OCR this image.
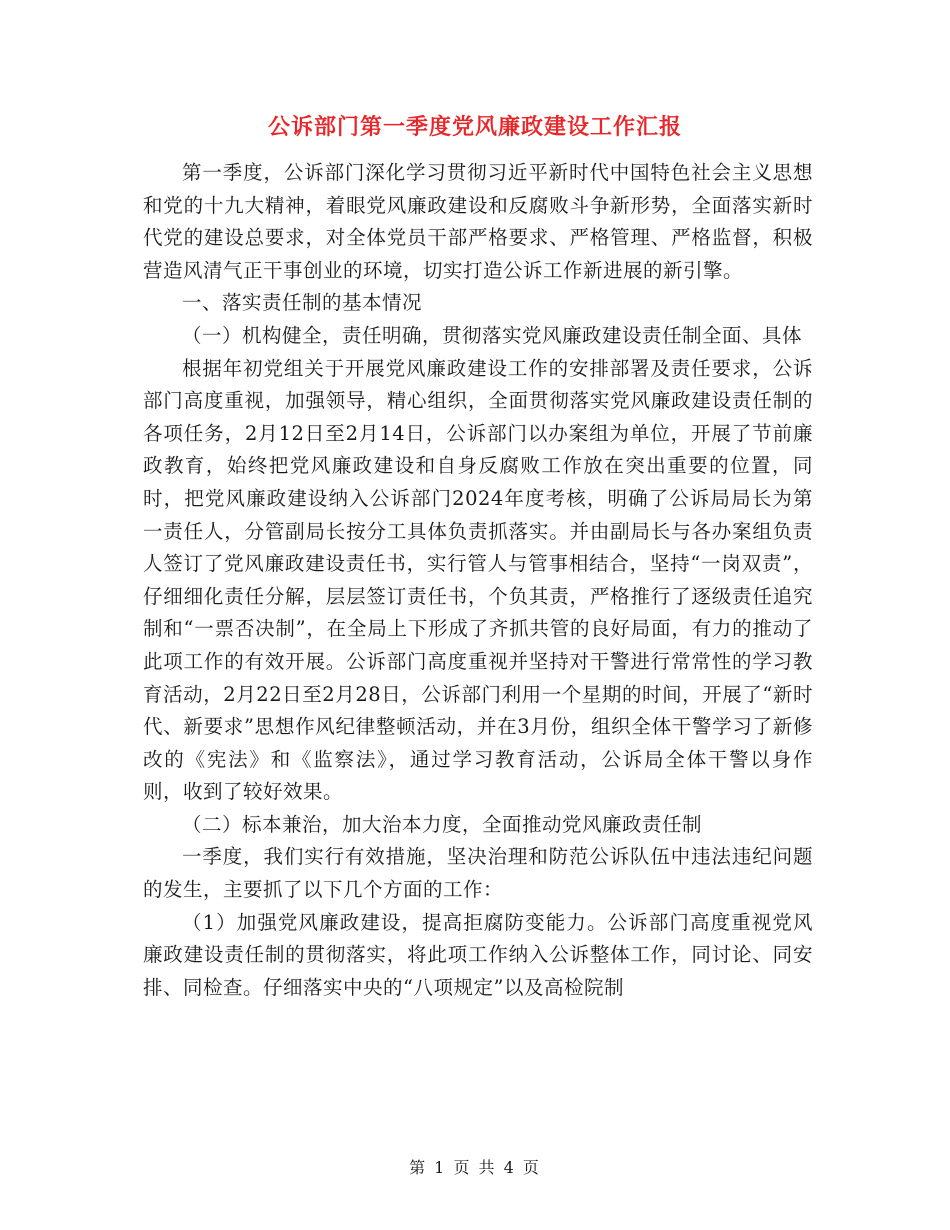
公诉部门第一季度党风廉政建设工作汇报

第一季度，公诉部门深化学习贯彻习近平新时代中国特色社会主义思想和党的十九大精神，着眼党风廉政建设和反腐败斗争新形势，全面落实新时代党的建设总要求，对全体党员干部严格要求、严格管理、严格监督，积极营造风清气正干事创业的环境，切实打造公诉工作新进展的新引擎。

一、落实责任制的基本情况

（一）机构健全，责任明确，贯彻落实党风廉政建设责任制全面、具体

根据年初党组关于开展党风廉政建设工作的安排部署及责任要求，公诉部门高度重视，加强领导，精心组织，全面贯彻落实党风廉政建设责任制的各项任务，2月12日至2月14日，公诉部门以办案组为单位，开展了节前廉政教育，始终把党风廉政建设和自身反腐败工作放在突出重要的位置，同时，把党风廉政建设纳入公诉部门2024年度考核，明确了公诉局局长为第一责任人，分管副局长按分工具体负责抓落实。并由副局长与各办案组负责人签订了党风廉政建设责任书，实行管人与管事相结合，坚持“一岗双责”，仔细细化责任分解，层层签订责任书，个负其责，严格推行了逐级责任追究制和“一票否决制”，在全局上下形成了齐抓共管的良好局面，有力的推动了此项工作的有效开展。公诉部门高度重视并坚持对干警进行常常性的学习教育活动，2月22日至2月28日，公诉部门利用一个星期的时间，开展了“新时代、新要求”思想作风纪律整顿活动，并在3月份，组织全体干警学习了新修改的《宪法》和《监察法》，通过学习教育活动，公诉局全体干警以身作则，收到了较好效果。

（二）标本兼治，加大治本力度，全面推动党风廉政责任制

一季度，我们实行有效措施，坚决治理和防范公诉队伍中违法违纪问题的发生，主要抓了以下几个方面的工作：

（1）加强党风廉政建设，提高拒腐防变能力。公诉部门高度重视党风廉政建设责任制的贯彻落实，将此项工作纳入公诉整体工作，同讨论、同安排、同检查。仔细落实中央的“八项规定”以及高检院制

第 1 页 共 4 页
